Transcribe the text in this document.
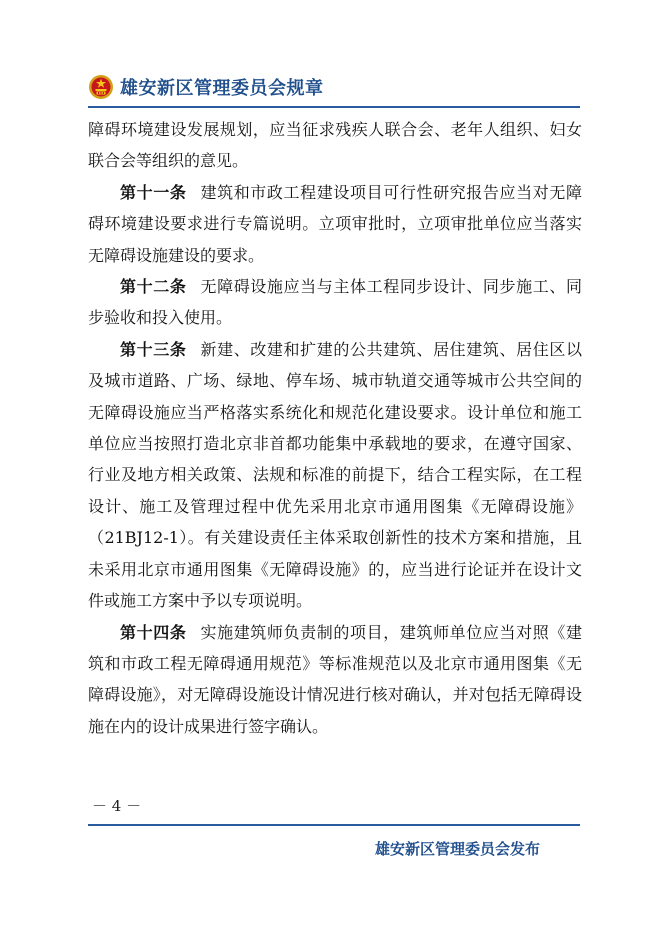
雄安新区管理委员会规章

障碍环境建设发展规划，应当征求残疾人联合会、老年人组织、妇女联合会等组织的意见。

第十一条 建筑和市政工程建设项目可行性研究报告应当对无障碍环境建设要求进行专篇说明。立项审批时，立项审批单位应当落实无障碍设施建设的要求。

第十二条 无障碍设施应当与主体工程同步设计、同步施工、同步验收和投入使用。

第十三条 新建、改建和扩建的公共建筑、居住建筑、居住区以及城市道路、广场、绿地、停车场、城市轨道交通等城市公共空间的无障碍设施应当严格落实系统化和规范化建设要求。设计单位和施工单位应当按照打造北京非首都功能集中承载地的要求，在遵守国家、行业及地方相关政策、法规和标准的前提下，结合工程实际，在工程设计、施工及管理过程中优先采用北京市通用图集《无障碍设施》（21BJ12-1）。有关建设责任主体采取创新性的技术方案和措施，且未采用北京市通用图集《无障碍设施》的，应当进行论证并在设计文件或施工方案中予以专项说明。

第十四条 实施建筑师负责制的项目，建筑师单位应当对照《建筑和市政工程无障碍通用规范》等标准规范以及北京市通用图集《无障碍设施》，对无障碍设施设计情况进行核对确认，并对包括无障碍设施在内的设计成果进行签字确认。

－ 4 －
雄安新区管理委员会发布
